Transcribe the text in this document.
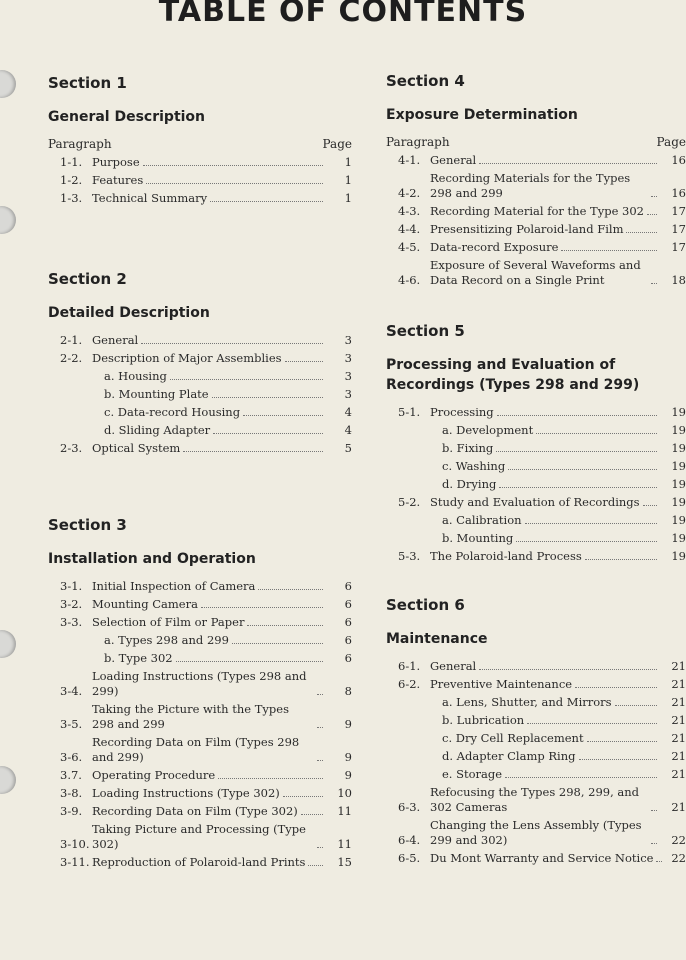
TABLE OF CONTENTS
Section 1
General Description
Paragraph	Page
1-1. Purpose	1
1-2. Features	1
1-3. Technical Summary	1
Section 2
Detailed Description
2-1. General	3
2-2. Description of Major Assemblies	3
a. Housing	3
b. Mounting Plate	3
c. Data-record Housing	4
d. Sliding Adapter	4
2-3. Optical System	5
Section 3
Installation and Operation
3-1. Initial Inspection of Camera	6
3-2. Mounting Camera	6
3-3. Selection of Film or Paper	6
a. Types 298 and 299	6
b. Type 302	6
3-4.
Loading Instructions (Types 298 and 299)	8
3-5.
Taking the Picture with the Types 298 and 299	9
3-6.
Recording Data on Film (Types 298 and 299)	9
3.7. Operating Procedure	9
3-8. Loading Instructions (Type 302)	10
3-9. Recording Data on Film (Type 302)	11
3-10.
Taking Picture and Processing (Type 302)	11
3-11. Reproduction of Polaroid-land Prints	15
Section 4
Exposure Determination
Paragraph	Page
4-1. General	16
4-2.
Recording Materials for the Types 298 and 299	16
4-3. Recording Material for the Type 302	17
4-4. Presensitizing Polaroid-land Film	17
4-5. Data-record Exposure	17
4-6.
Exposure of Several Waveforms and Data Record on a Single Print	18
Section 5
Processing and Evaluation of Recordings (Types 298 and 299)
5-1. Processing	19
a. Development	19
b. Fixing	19
c. Washing	19
d. Drying	19
5-2. Study and Evaluation of Recordings	19
a. Calibration	19
b. Mounting	19
5-3. The Polaroid-land Process	19
Section 6
Maintenance
6-1. General	21
6-2. Preventive Maintenance	21
a. Lens, Shutter, and Mirrors	21
b. Lubrication	21
c. Dry Cell Replacement	21
d. Adapter Clamp Ring	21
e. Storage	21
6-3.
Refocusing the Types 298, 299, and 302 Cameras	21
6-4.
Changing the Lens Assembly (Types 299 and 302)	22
6-5. Du Mont Warranty and Service Notice	22
